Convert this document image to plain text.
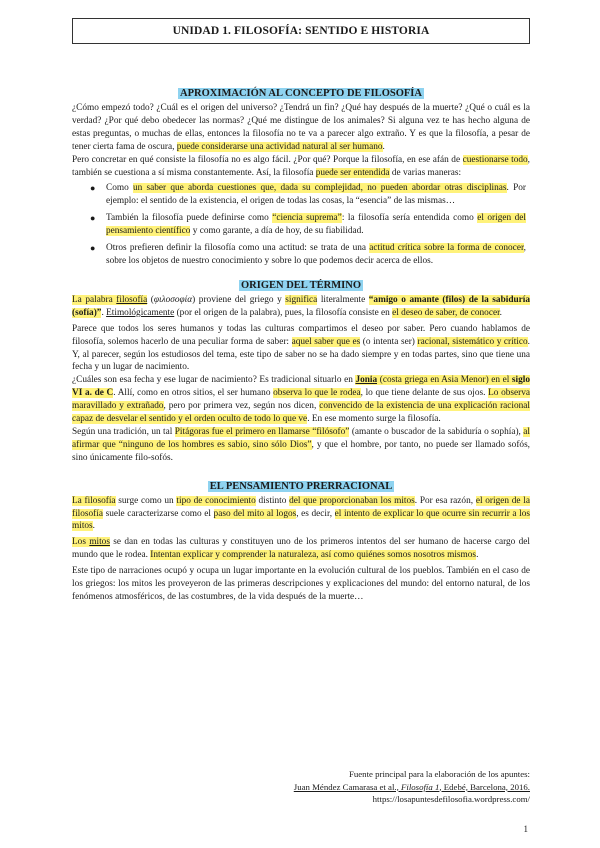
UNIDAD 1. FILOSOFÍA: SENTIDO E HISTORIA
APROXIMACIÓN AL CONCEPTO DE FILOSOFÍA

¿Cómo empezó todo? ¿Cuál es el origen del universo? ¿Tendrá un fin? ¿Qué hay después de la muerte? ¿Qué o cuál es la verdad? ¿Por qué debo obedecer las normas? ¿Qué me distingue de los animales? Si alguna vez te has hecho alguna de estas preguntas, o muchas de ellas, entonces la filosofía no te va a parecer algo extraño. Y es que la filosofía, a pesar de tener cierta fama de oscura, puede considerarse una actividad natural al ser humano.

Pero concretar en qué consiste la filosofía no es algo fácil. ¿Por qué? Porque la filosofía, en ese afán de cuestionarse todo, también se cuestiona a sí misma constantemente. Así, la filosofía puede ser entendida de varias maneras:

● Como un saber que aborda cuestiones que, dada su complejidad, no pueden abordar otras disciplinas. Por ejemplo: el sentido de la existencia, el origen de todas las cosas, la “esencia” de las mismas…
● También la filosofía puede definirse como “ciencia suprema”: la filosofía sería entendida como el origen del pensamiento científico y como garante, a día de hoy, de su fiabilidad.
● Otros prefieren definir la filosofía como una actitud: se trata de una actitud crítica sobre la forma de conocer, sobre los objetos de nuestro conocimiento y sobre lo que podemos decir acerca de ellos.
ORIGEN DEL TÉRMINO

La palabra filosofía (φιλοσοφία) proviene del griego y significa literalmente “amigo o amante (filos) de la sabiduría (sofía)”. Etimológicamente (por el origen de la palabra), pues, la filosofía consiste en el deseo de saber, de conocer.

Parece que todos los seres humanos y todas las culturas compartimos el deseo por saber. Pero cuando hablamos de filosofía, solemos hacerlo de una peculiar forma de saber: aquel saber que es (o intenta ser) racional, sistemático y crítico. Y, al parecer, según los estudiosos del tema, este tipo de saber no se ha dado siempre y en todas partes, sino que tiene una fecha y un lugar de nacimiento.

¿Cuáles son esa fecha y ese lugar de nacimiento? Es tradicional situarlo en Jonia (costa griega en Asia Menor) en el siglo VI a. de C. Allí, como en otros sitios, el ser humano observa lo que le rodea, lo que tiene delante de sus ojos. Lo observa maravillado y extrañado, pero por primera vez, según nos dicen, convencido de la existencia de una explicación racional capaz de desvelar el sentido y el orden oculto de todo lo que ve. En ese momento surge la filosofía.

Según una tradición, un tal Pitágoras fue el primero en llamarse “filósofo” (amante o buscador de la sabiduría o sophía), al afirmar que “ninguno de los hombres es sabio, sino sólo Dios”, y que el hombre, por tanto, no puede ser llamado sofós, sino únicamente filo-sofós.

EL PENSAMIENTO PRERRACIONAL

La filosofía surge como un tipo de conocimiento distinto del que proporcionaban los mitos. Por esa razón, el origen de la filosofía suele caracterizarse como el paso del mito al logos, es decir, el intento de explicar lo que ocurre sin recurrir a los mitos.

Los mitos se dan en todas las culturas y constituyen uno de los primeros intentos del ser humano de hacerse cargo del mundo que le rodea. Intentan explicar y comprender la naturaleza, así como quiénes somos nosotros mismos.

Este tipo de narraciones ocupó y ocupa un lugar importante en la evolución cultural de los pueblos. También en el caso de los griegos: los mitos les proveyeron de las primeras descripciones y explicaciones del mundo: del entorno natural, de los fenómenos atmosféricos, de las costumbres, de la vida después de la muerte…

Fuente principal para la elaboración de los apuntes:
Juan Méndez Camarasa et al., Filosofía 1, Edebé, Barcelona, 2016.
https://losapuntesdefilosofia.wordpress.com/
1
